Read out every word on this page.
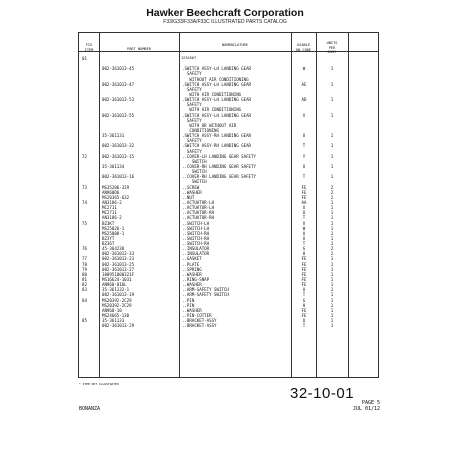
Hawker Beechcraft Corporation
F33/G33/F33A/F33C ILLUSTRATED PARTS CATALOG

FIG
ITEM

	PART NUMBER

NOMENCLATURE

1234567

USABLE
ON CODE

UNITS
PER
ASSY

01
002-361013-45	.SWITCH ASSY-LH LANDING GEAR	W	1
SAFETY
WITHOUT AIR CONDITIONING
002-361013-47	.SWITCH ASSY-LH LANDING GEAR	AE	1
SAFETY
WITH AIR CONDITIONING
002-361013-53	.SWITCH ASSY-LH LANDING GEAR	AD	1
SAFETY
WITH AIR CONDITIONING
002-361013-55	.SWITCH ASSY-LH LANDING GEAR	X	1
SAFETY
WITH OR WITHOUT AIR
CONDITIONING
35-361131	.SWITCH ASSY-RH LANDING GEAR	U	1
SAFETY
002-361013-32	.SWITCH ASSY-RH LANDING GEAR	T	1
SAFETY
72	002-361013-15	..COVER-LH LANDING GEAR SAFETY	Y	1
SWITCH
35-361134	..COVER-RH LANDING GEAR SAFETY	U	1
SWITCH
002-361013-16	..COVER-RH LANDING GEAR SAFETY	T	1
SWITCH
73	MS35206-329	..SCREW	FE	2
AN960D6	..WASHER	FE	2
MS20365-632	..NUT	FE	2
74	AN3186-2	..ACTUATOR-LH	AA	1
MC2711	..ACTUATOR-LH	X	1
MC2711	..ACTUATOR-RH	U	1
AN3186-2	..ACTUATOR-RH	T	1
75	BZ3KT	..SWITCH-LH	V	1
MS25026-1	..SWITCH-LH	W	1
MS25008-1	..SWITCH-RH	U	1
BZ3YT	..SWITCH-RH	U	1
BZ36T	..SWITCH-RH	T	1
76	45-364238	..INSULATOR	G	2
002-361013-33	..INSULATOR	H	2
77	002-361013-23	..GASKET	FE	1
78	002-361013-25	..PLATE	FE	1
79	002-361013-27	..SPRING	FE	1
80	100951000321F	..WASHER	FE	1
81	MS16624-1031	..RING-SNAP	FE	1
82	AN960-816L	..WASHER	FE	1
83	35-361132-1	..ARM-SAFETY SWITCH	U	1
002-361013-19	..ARM-SAFETY SWITCH	T	1
84	MS20392-2C29	..PIN	G	1
MS20392-2C29	..PIN	H	1
AN960-10	..WASHER	FE	1
MS24665-130	..PIN-COTTER	FE	1
85	35-361133	..BRACKET-ASSY	U	1
002-361013-29	..BRACKET-ASSY	T	1
* ITEM NOT ILLUSTRATED
32-10-01
PAGE 5
JUL 01/12
BONANZA
